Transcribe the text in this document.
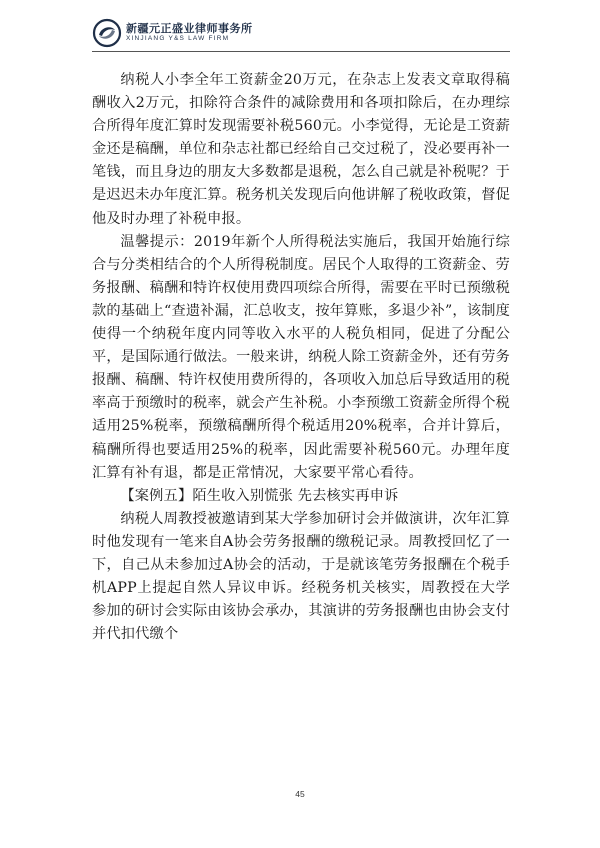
新疆元正盛业律师事务所
XINJIANG Y&S LAW FIRM

纳税人小李全年工资薪金20万元，在杂志上发表文章取得稿酬收入2万元，扣除符合条件的减除费用和各项扣除后，在办理综合所得年度汇算时发现需要补税560元。小李觉得，无论是工资薪金还是稿酬，单位和杂志社都已经给自己交过税了，没必要再补一笔钱，而且身边的朋友大多数都是退税，怎么自己就是补税呢？于是迟迟未办年度汇算。税务机关发现后向他讲解了税收政策，督促他及时办理了补税申报。

温馨提示：2019年新个人所得税法实施后，我国开始施行综合与分类相结合的个人所得税制度。居民个人取得的工资薪金、劳务报酬、稿酬和特许权使用费四项综合所得，需要在平时已预缴税款的基础上“查遗补漏，汇总收支，按年算账，多退少补”，该制度使得一个纳税年度内同等收入水平的人税负相同，促进了分配公平，是国际通行做法。一般来讲，纳税人除工资薪金外，还有劳务报酬、稿酬、特许权使用费所得的，各项收入加总后导致适用的税率高于预缴时的税率，就会产生补税。小李预缴工资薪金所得个税适用25%税率，预缴稿酬所得个税适用20%税率，合并计算后，稿酬所得也要适用25%的税率，因此需要补税560元。办理年度汇算有补有退，都是正常情况，大家要平常心看待。

【案例五】陌生收入别慌张 先去核实再申诉

纳税人周教授被邀请到某大学参加研讨会并做演讲，次年汇算时他发现有一笔来自A协会劳务报酬的缴税记录。周教授回忆了一下，自己从未参加过A协会的活动，于是就该笔劳务报酬在个税手机APP上提起自然人异议申诉。经税务机关核实，周教授在大学参加的研讨会实际由该协会承办，其演讲的劳务报酬也由协会支付并代扣代缴个

45
